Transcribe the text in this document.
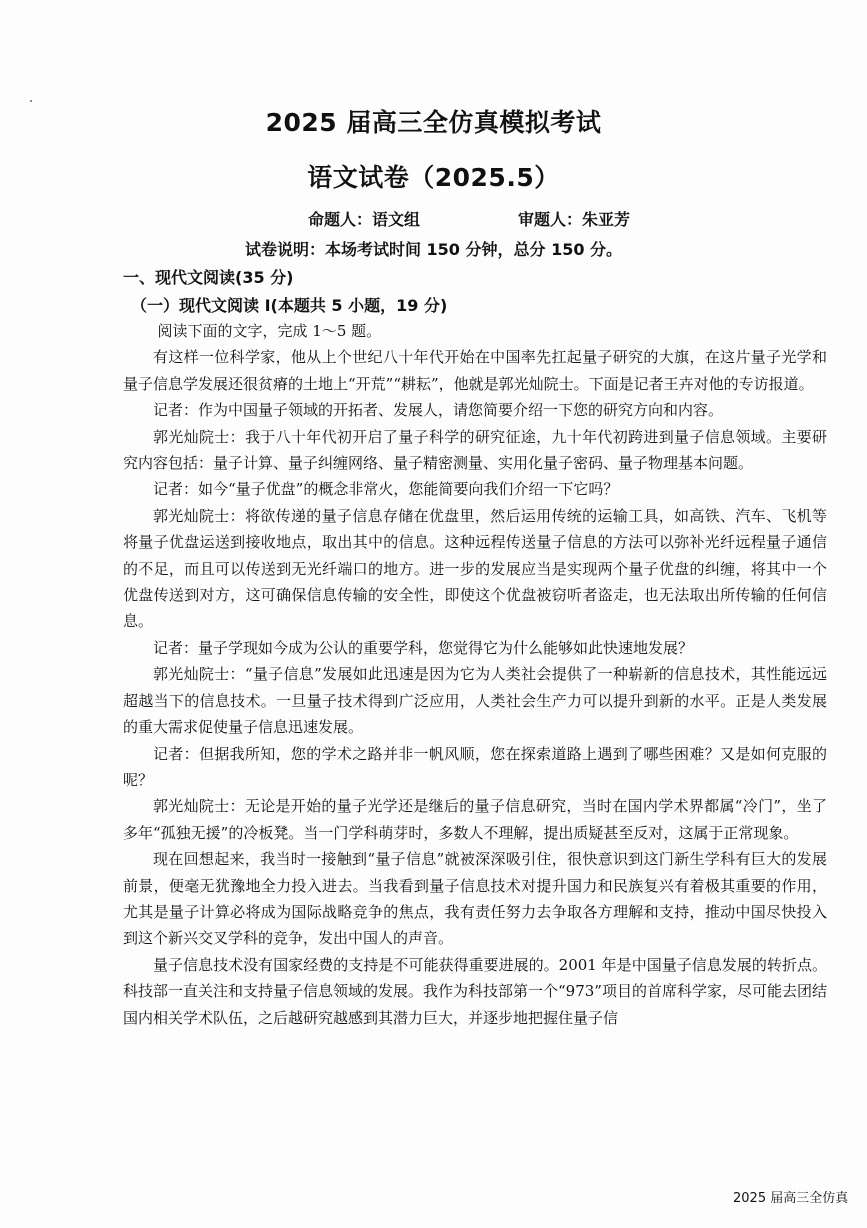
2025 届高三全仿真模拟考试
语文试卷（2025.5）
命题人：语文组	审题人：朱亚芳
试卷说明：本场考试时间 150 分钟，总分 150 分。
一、现代文阅读(35 分)
（一）现代文阅读 I(本题共 5 小题，19 分)

阅读下面的文字，完成 1～5 题。

有这样一位科学家，他从上个世纪八十年代开始在中国率先扛起量子研究的大旗，在这片量子光学和量子信息学发展还很贫瘠的土地上“开荒”“耕耘”，他就是郭光灿院士。下面是记者王卉对他的专访报道。

记者：作为中国量子领域的开拓者、发展人，请您简要介绍一下您的研究方向和内容。

郭光灿院士：我于八十年代初开启了量子科学的研究征途，九十年代初跨进到量子信息领域。主要研究内容包括：量子计算、量子纠缠网络、量子精密测量、实用化量子密码、量子物理基本问题。

记者：如今“量子优盘”的概念非常火，您能简要向我们介绍一下它吗？

郭光灿院士：将欲传递的量子信息存储在优盘里，然后运用传统的运输工具，如高铁、汽车、飞机等将量子优盘运送到接收地点，取出其中的信息。这种远程传送量子信息的方法可以弥补光纤远程量子通信的不足，而且可以传送到无光纤端口的地方。进一步的发展应当是实现两个量子优盘的纠缠，将其中一个优盘传送到对方，这可确保信息传输的安全性，即使这个优盘被窃听者盗走，也无法取出所传输的任何信息。

记者：量子学现如今成为公认的重要学科，您觉得它为什么能够如此快速地发展？

郭光灿院士：“量子信息”发展如此迅速是因为它为人类社会提供了一种崭新的信息技术，其性能远远超越当下的信息技术。一旦量子技术得到广泛应用，人类社会生产力可以提升到新的水平。正是人类发展的重大需求促使量子信息迅速发展。

记者：但据我所知，您的学术之路并非一帆风顺，您在探索道路上遇到了哪些困难？又是如何克服的呢？

郭光灿院士：无论是开始的量子光学还是继后的量子信息研究，当时在国内学术界都属“冷门”，坐了多年“孤独无援”的冷板凳。当一门学科萌芽时，多数人不理解，提出质疑甚至反对，这属于正常现象。

现在回想起来，我当时一接触到“量子信息”就被深深吸引住，很快意识到这门新生学科有巨大的发展前景，便毫无犹豫地全力投入进去。当我看到量子信息技术对提升国力和民族复兴有着极其重要的作用，尤其是量子计算必将成为国际战略竞争的焦点，我有责任努力去争取各方理解和支持，推动中国尽快投入到这个新兴交叉学科的竞争，发出中国人的声音。

量子信息技术没有国家经费的支持是不可能获得重要进展的。2001 年是中国量子信息发展的转折点。科技部一直关注和支持量子信息领域的发展。我作为科技部第一个“973”项目的首席科学家，尽可能去团结国内相关学术队伍，之后越研究越感到其潜力巨大，并逐步地把握住量子信

2025 届高三全仿真
